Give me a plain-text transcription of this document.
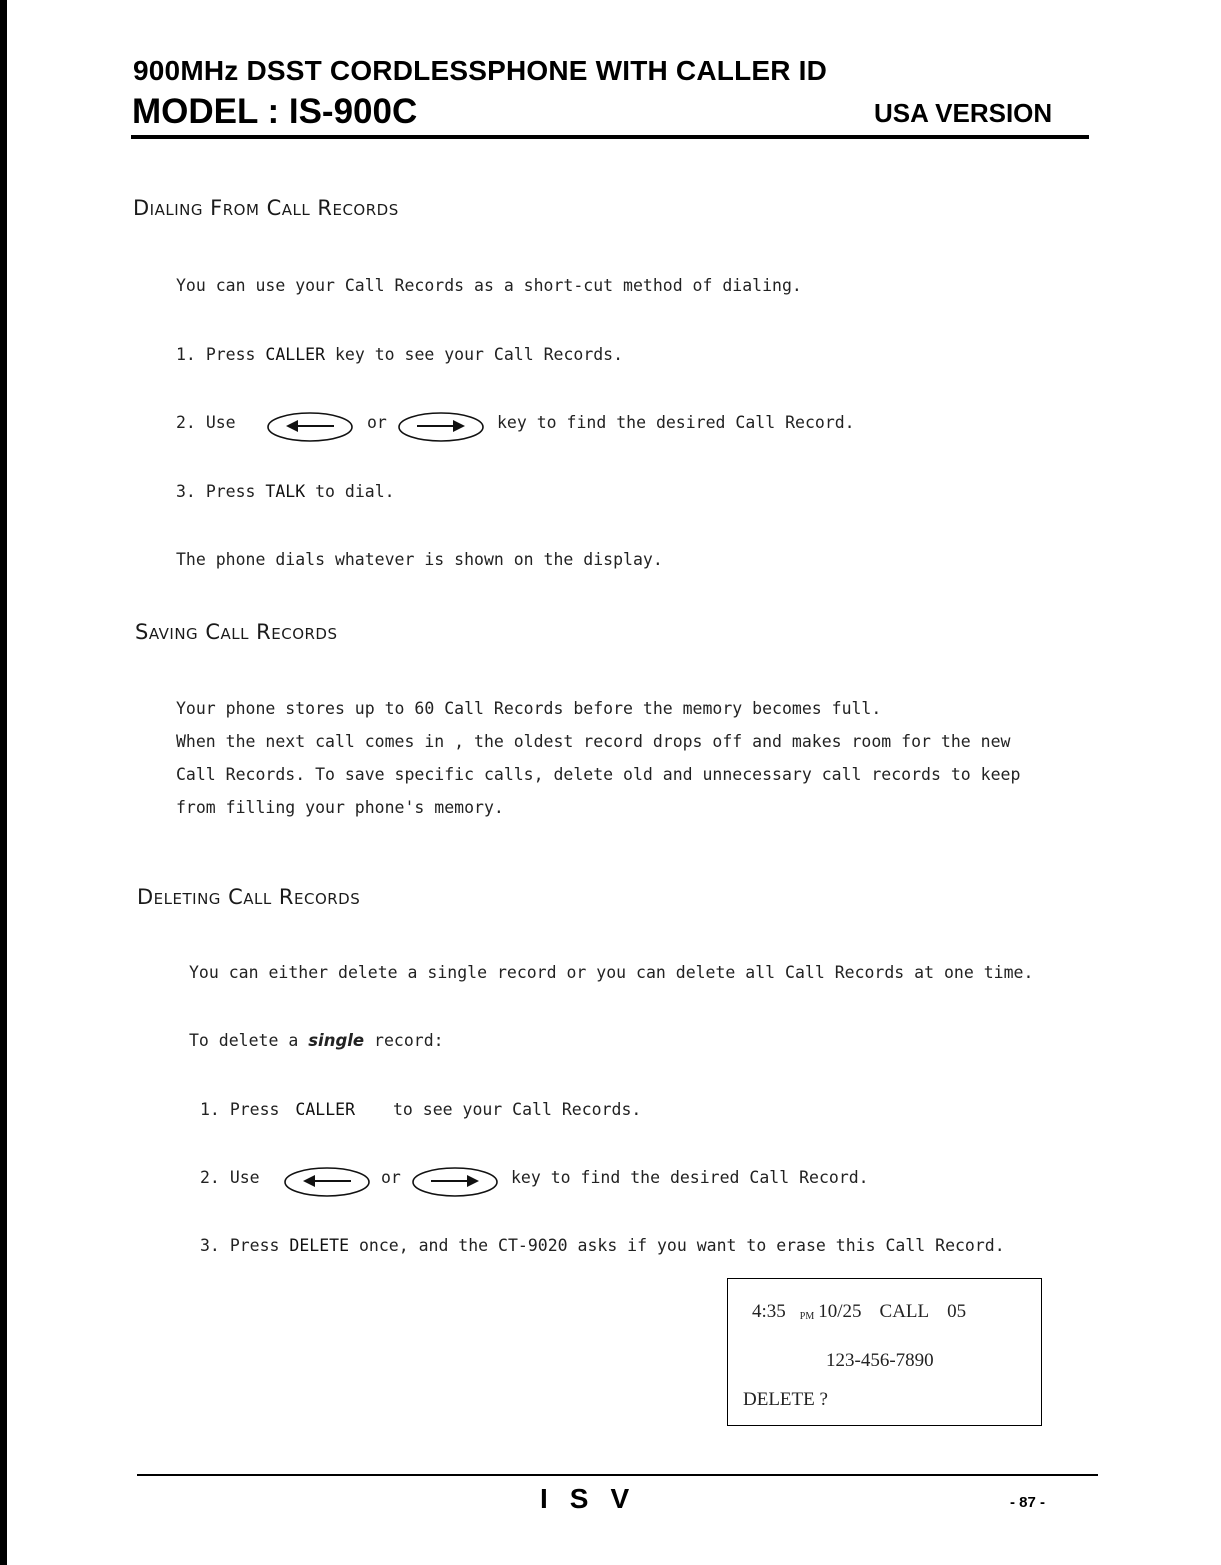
900MHz DSST CORDLESSPHONE WITH CALLER ID
MODEL : IS-900C	USA VERSION
Dialing From Call Records
You can use your Call Records as a short-cut method of dialing.
1. Press CALLER key to see your Call Records.
2. Use	or	key to find the desired Call Record.
3. Press TALK to dial.
The phone dials whatever is shown on the display.
Saving Call Records
Your phone stores up to 60 Call Records before the memory becomes full.
When the next call comes in , the oldest record drops off and makes room for the new
Call Records. To save specific calls, delete old and unnecessary call records to keep
from filling your phone's memory.
Deleting Call Records
You can either delete a single record or you can delete all Call Records at one time.
To delete a single record:
1. Press CALLER to see your Call Records.
2. Use	or	key to find the desired Call Record.
3. Press DELETE once, and the CT-9020 asks if you want to erase this Call Record.
4:35 PM 10/25 CALL 05
123-456-7890
DELETE ?
ISV	- 87 -
